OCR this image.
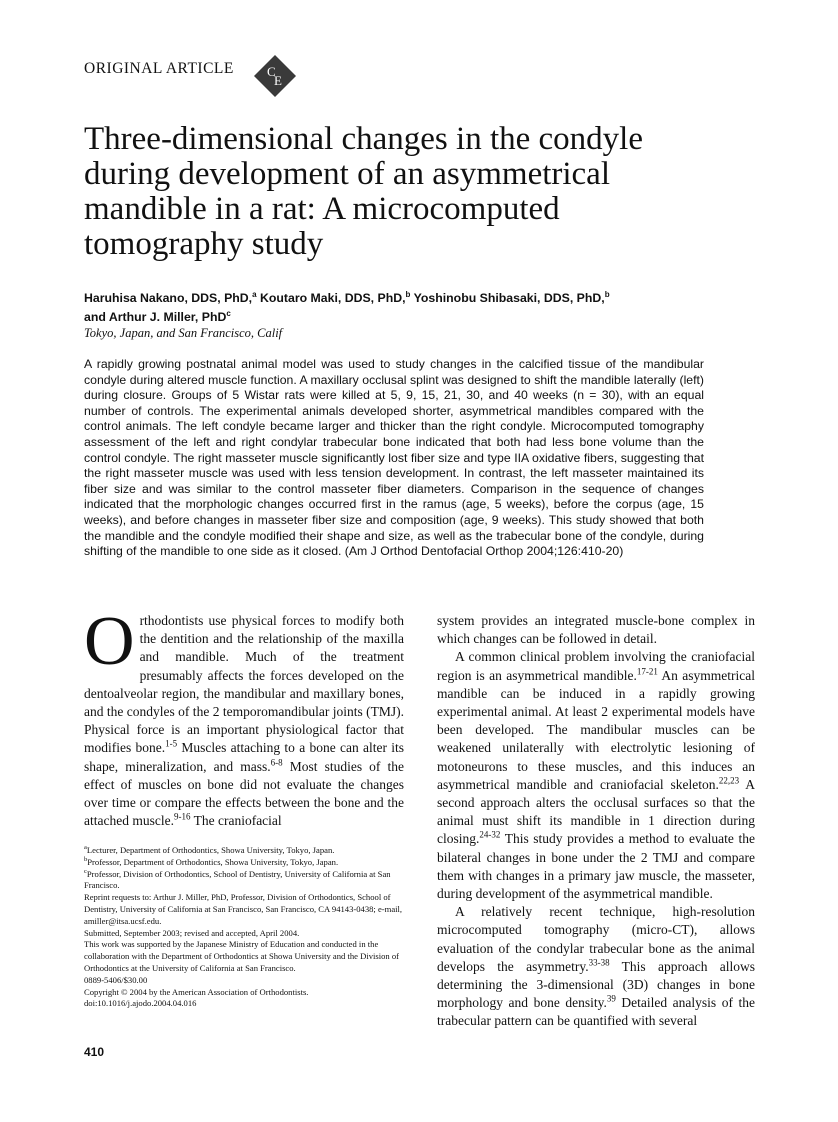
ORIGINAL ARTICLE	C
E
Three-dimensional changes in the condyle during development of an asymmetrical mandible in a rat: A microcomputed tomography study
Haruhisa Nakano, DDS, PhD,$^a$ Koutaro Maki, DDS, PhD,$^b$ Yoshinobu Shibasaki, DDS, PhD,$^b$
and Arthur J. Miller, PhD$^c$
Tokyo, Japan, and San Francisco, Calif
A rapidly growing postnatal animal model was used to study changes in the calcified tissue of the mandibular condyle during altered muscle function. A maxillary occlusal splint was designed to shift the mandible laterally (left) during closure. Groups of 5 Wistar rats were killed at 5, 9, 15, 21, 30, and 40 weeks (n = 30), with an equal number of controls. The experimental animals developed shorter, asymmetrical mandibles compared with the control animals. The left condyle became larger and thicker than the right condyle. Microcomputed tomography assessment of the left and right condylar trabecular bone indicated that both had less bone volume than the control condyle. The right masseter muscle significantly lost fiber size and type IIA oxidative fibers, suggesting that the right masseter muscle was used with less tension development. In contrast, the left masseter maintained its fiber size and was similar to the control masseter fiber diameters. Comparison in the sequence of changes indicated that the morphologic changes occurred first in the ramus (age, 5 weeks), before the corpus (age, 15 weeks), and before changes in masseter fiber size and composition (age, 9 weeks). This study showed that both the mandible and the condyle modified their shape and size, as well as the trabecular bone of the condyle, during shifting of the mandible to one side as it closed. (Am J Orthod Dentofacial Orthop 2004;126:410-20)

Orthodontists use physical forces to modify both the dentition and the relationship of the maxilla and mandible. Much of the treatment presumably affects the forces developed on the dentoalveolar region, the mandibular and maxillary bones, and the condyles of the 2 temporomandibular joints (TMJ). Physical force is an important physiological factor that modifies bone.$^{1-5}$ Muscles attaching to a bone can alter its shape, mineralization, and mass.$^{6-8}$ Most studies of the effect of muscles on bone did not evaluate the changes over time or compare the effects between the bone and the attached muscle.$^{9-16}$ The craniofacial

system provides an integrated muscle-bone complex in which changes can be followed in detail.

A common clinical problem involving the craniofacial region is an asymmetrical mandible.$^{17-21}$ An asymmetrical mandible can be induced in a rapidly growing experimental animal. At least 2 experimental models have been developed. The mandibular muscles can be weakened unilaterally with electrolytic lesioning of motoneurons to these muscles, and this induces an asymmetrical mandible and craniofacial skeleton.$^{22,23}$ A second approach alters the occlusal surfaces so that the animal must shift its mandible in 1 direction during closing.$^{24-32}$ This study provides a method to evaluate the bilateral changes in bone under the 2 TMJ and compare them with changes in a primary jaw muscle, the masseter, during development of the asymmetrical mandible.

A relatively recent technique, high-resolution microcomputed tomography (micro-CT), allows evaluation of the condylar trabecular bone as the animal develops the asymmetry.$^{33-38}$ This approach allows determining the 3-dimensional (3D) changes in bone morphology and bone density.$^{39}$ Detailed analysis of the trabecular pattern can be quantified with several

$^a$Lecturer, Department of Orthodontics, Showa University, Tokyo, Japan.
$^b$Professor, Department of Orthodontics, Showa University, Tokyo, Japan.
$^c$Professor, Division of Orthodontics, School of Dentistry, University of California at San Francisco.
Reprint requests to: Arthur J. Miller, PhD, Professor, Division of Orthodontics, School of Dentistry, University of California at San Francisco, San Francisco, CA 94143-0438; e-mail, amiller@itsa.ucsf.edu.
Submitted, September 2003; revised and accepted, April 2004.
This work was supported by the Japanese Ministry of Education and conducted in the collaboration with the Department of Orthodontics at Showa University and the Division of Orthodontics at the University of California at San Francisco.
0889-5406/$30.00
Copyright © 2004 by the American Association of Orthodontists.
doi:10.1016/j.ajodo.2004.04.016
410
